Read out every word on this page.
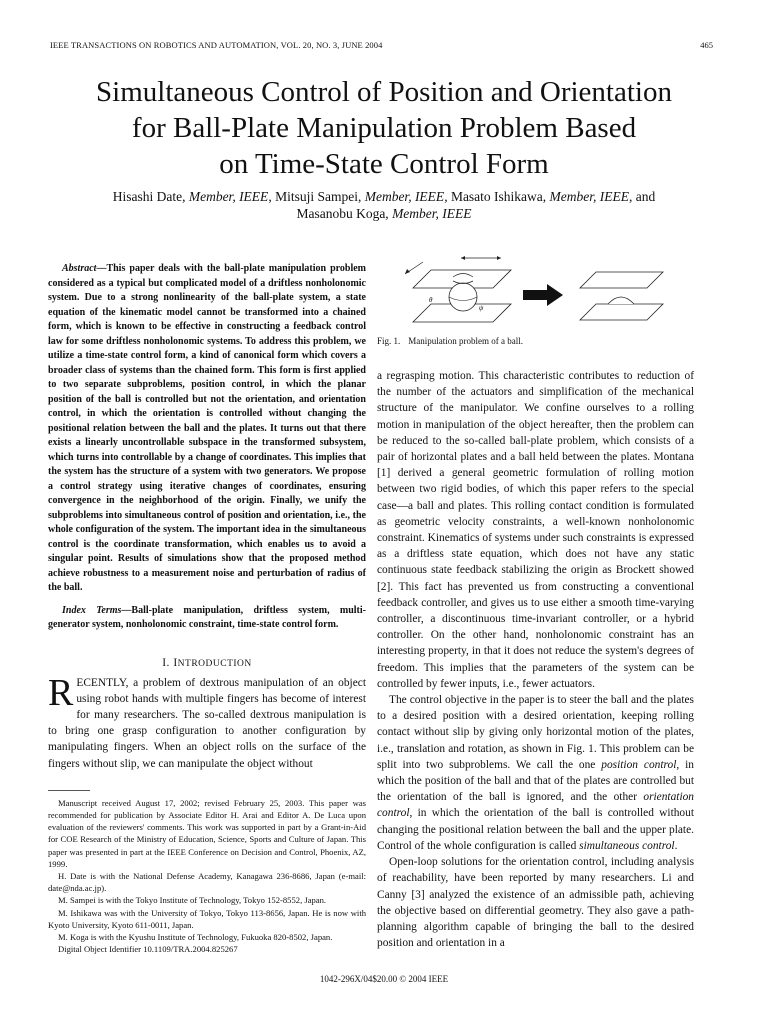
IEEE TRANSACTIONS ON ROBOTICS AND AUTOMATION, VOL. 20, NO. 3, JUNE 2004	465
Simultaneous Control of Position and Orientation
for Ball-Plate Manipulation Problem Based
on Time-State Control Form
Hisashi Date, Member, IEEE, Mitsuji Sampei, Member, IEEE, Masato Ishikawa, Member, IEEE, and
Masanobu Koga, Member, IEEE

Abstract—This paper deals with the ball-plate manipulation problem considered as a typical but complicated model of a driftless nonholonomic system. Due to a strong nonlinearity of the ball-plate system, a state equation of the kinematic model cannot be transformed into a chained form, which is known to be effective in constructing a feedback control law for some driftless nonholonomic systems. To address this problem, we utilize a time-state control form, a kind of canonical form which covers a broader class of systems than the chained form. This form is first applied to two separate subproblems, position control, in which the planar position of the ball is controlled but not the orientation, and orientation control, in which the orientation is controlled without changing the positional relation between the ball and the plates. It turns out that there exists a linearly uncontrollable subspace in the transformed subsystem, which turns into controllable by a change of coordinates. This implies that the system has the structure of a system with two generators. We propose a control strategy using iterative changes of coordinates, ensuring convergence in the neighborhood of the origin. Finally, we unify the subproblems into simultaneous control of position and orientation, i.e., the whole configuration of the system. The important idea in the simultaneous control is the coordinate transformation, which enables us to avoid a singular point. Results of simulations show that the proposed method achieve robustness to a measurement noise and perturbation of radius of the ball.

Index Terms—Ball-plate manipulation, driftless system, multi-generator system, nonholonomic constraint, time-state control form.

I. INTRODUCTION

RECENTLY, a problem of dextrous manipulation of an object using robot hands with multiple fingers has become of interest for many researchers. The so-called dextrous manipulation is to bring one grasp configuration to another configuration by manipulating fingers. When an object rolls on the surface of the fingers without slip, we can manipulate the object without

Manuscript received August 17, 2002; revised February 25, 2003. This paper was recommended for publication by Associate Editor H. Arai and Editor A. De Luca upon evaluation of the reviewers' comments. This work was supported in part by a Grant-in-Aid for COE Research of the Ministry of Education, Science, Sports and Culture of Japan. This paper was presented in part at the IEEE Conference on Decision and Control, Phoenix, AZ, 1999.

H. Date is with the National Defense Academy, Kanagawa 236-8686, Japan (e-mail: date@nda.ac.jp).

M. Sampei is with the Tokyo Institute of Technology, Tokyo 152-8552, Japan.

M. Ishikawa was with the University of Tokyo, Tokyo 113-8656, Japan. He is now with Kyoto University, Kyoto 611-0011, Japan.

M. Koga is with the Kyushu Institute of Technology, Fukuoka 820-8502, Japan.

Digital Object Identifier 10.1109/TRA.2004.825267

θ
ψ
Fig. 1. Manipulation problem of a ball.

a regrasping motion. This characteristic contributes to reduction of the number of the actuators and simplification of the mechanical structure of the manipulator. We confine ourselves to a rolling motion in manipulation of the object hereafter, then the problem can be reduced to the so-called ball-plate problem, which consists of a pair of horizontal plates and a ball held between the plates. Montana [1] derived a general geometric formulation of rolling motion between two rigid bodies, of which this paper refers to the special case—a ball and plates. This rolling contact condition is formulated as geometric velocity constraints, a well-known nonholonomic constraint. Kinematics of systems under such constraints is expressed as a driftless state equation, which does not have any static continuous state feedback stabilizing the origin as Brockett showed [2]. This fact has prevented us from constructing a conventional feedback controller, and gives us to use either a smooth time-varying controller, a discontinuous time-invariant controller, or a hybrid controller. On the other hand, nonholonomic constraint has an interesting property, in that it does not reduce the system's degrees of freedom. This implies that the parameters of the system can be controlled by fewer inputs, i.e., fewer actuators.

The control objective in the paper is to steer the ball and the plates to a desired position with a desired orientation, keeping rolling contact without slip by giving only horizontal motion of the plates, i.e., translation and rotation, as shown in Fig. 1. This problem can be split into two subproblems. We call the one position control, in which the position of the ball and that of the plates are controlled but the orientation of the ball is ignored, and the other orientation control, in which the orientation of the ball is controlled without changing the positional relation between the ball and the upper plate. Control of the whole configuration is called simultaneous control.

Open-loop solutions for the orientation control, including analysis of reachability, have been reported by many researchers. Li and Canny [3] analyzed the existence of an admissible path, achieving the objective based on differential geometry. They also gave a path-planning algorithm capable of bringing the ball to the desired position and orientation in a

1042-296X/04$20.00 © 2004 IEEE
